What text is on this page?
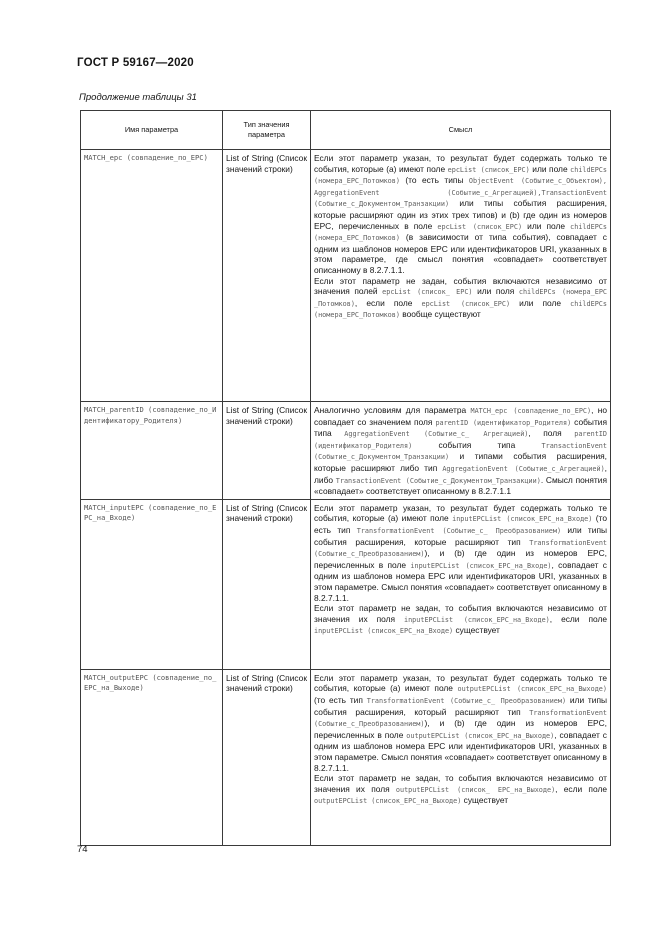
ГОСТ Р 59167—2020
Продолжение таблицы 31
Имя параметра	Тип значения параметра	Смысл
MATCH_epc (совпадение_по_EPC)	List of String (Список значений строки)	Если этот параметр указан, то результат будет содержать только те события, которые (а) имеют поле epcList (список_EPC) или поле childEPCs (номера_EPC_Потомков) (то есть типы ObjectEvent (Событие_с_Объектом), AggregationEvent (Событие_с_Агрегацией),TransactionEvent (Событие_с_Документом_Транзакции) или типы события расширения, которые расширяют один из этих трех типов) и (b) где один из номеров EPC, перечисленных в поле epcList (список_EPC) или поле childEPCs (номера_EPC_Потомков) (в зависимости от типа события), совпадает с одним из шаблонов номеров EPC или идентификаторов URI, указанных в этом параметре, где смысл понятия «совпадает» соответствует описанному в 8.2.7.1.1.

Если этот параметр не задан, события включаются независимо от значения полей epcList (список_ EPC) или поля childEPCs (номера_EPC _Потомков), если поле epcList (список_EPC) или поле childEPCs (номера_EPC_Потомков) вообще существуют

MATCH_parentID (совпадение_по_Идентификатору_Родителя)	List of String (Список значений строки)	Аналогично условиям для параметра MATCH_epc (совпадение_по_EPC), но совпадает со значением поля parentID (идентификатор_Родителя) события типа AggregationEvent (Событие_с_ Агрегацией), поля parentID (идентификатор_Родителя) события типа TransactionEvent (Событие_с_Документом_Транзакции) и типами события расширения, которые расширяют либо тип AggregationEvent (Событие_с_Агрегацией), либо TransactionEvent (Событие_с_Документом_Транзакции). Смысл понятия «совпадает» соответствует описанному в 8.2.7.1.1

MATCH_inputEPC (совпадение_по_EPC_на_Входе)	List of String (Список значений строки)	Если этот параметр указан, то результат будет содержать только те события, которые (а) имеют поле inputEPCList (список_EPC_на_Входе) (то есть тип TransformationEvent (Событие_с_ Преобразованием) или типы события расширения, которые расширяют тип TransformationEvent (Событие_с_Преобразованием)), и (b) где один из номеров EPC, перечисленных в поле inputEPCList (список_EPC_на_Входе), совпадает с одним из шаблонов номера EPC или идентификаторов URI, указанных в этом параметре. Смысл понятия «совпадает» соответствует описанному в 8.2.7.1.1.

Если этот параметр не задан, то события включаются независимо от значения их поля inputEPCList (список_EPC_на_Входе), если поле inputEPCList (список_EPC_на_Входе) существует

MATCH_outputEPC (совпадение_по_EPC_на_Выходе)	List of String (Список значений строки)	Если этот параметр указан, то результат будет содержать только те события, которые (а) имеют поле outputEPCList (список_EPC_на_Выходе) (то есть тип TransformationEvent (Событие_с_ Преобразованием) или типы события расширения, который расширяют тип TransformationEvent (Событие_с_Преобразованием)), и (b) где один из номеров EPC, перечисленных в поле outputEPCList (список_EPC_на_Выходе), совпадает с одним из шаблонов номера EPC или идентификаторов URI, указанных в этом параметре. Смысл понятия «совпадает» соответствует описанному в 8.2.7.1.1.

Если этот параметр не задан, то события включаются независимо от значения их поля outputEPCList (список_ EPC_на_Выходе), если поле outputEPCList (список_EPC_на_Выходе) существует

74
